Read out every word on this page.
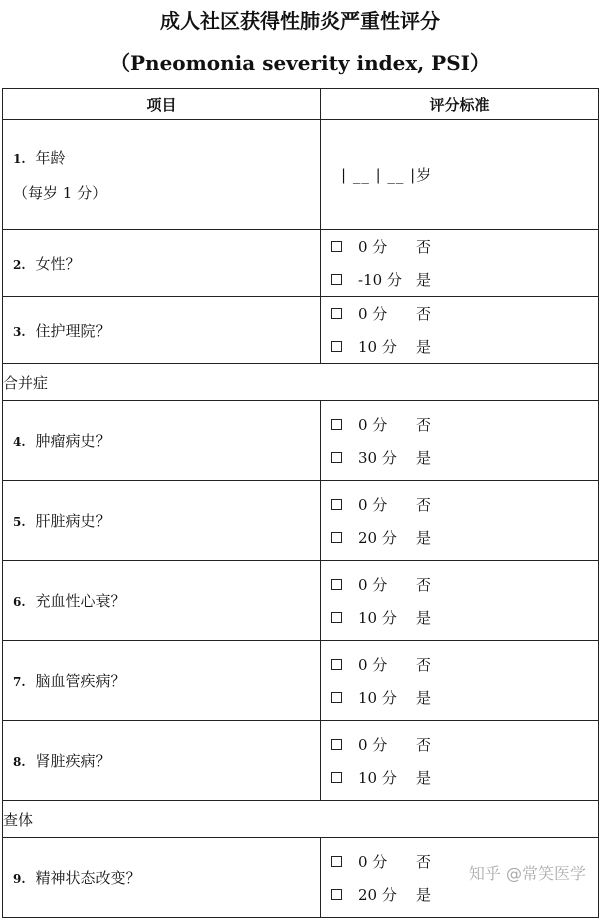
成人社区获得性肺炎严重性评分
（Pneomonia severity index, PSI）
项目	评分标准

1. 年龄
（每岁 1 分）	| __ | __ |岁

2. 女性？	0 分 否
-10 分 是

3. 住护理院？	0 分 否
10 分 是

合并症	
4. 肿瘤病史？	0 分 否
30 分 是

5. 肝脏病史？	0 分 否
20 分 是

6. 充血性心衰？	0 分 否
10 分 是

7. 脑血管疾病？	0 分 否
10 分 是

8. 肾脏疾病？	0 分 否
10 分 是

查体	
9. 精神状态改变？	0 分 否
20 分 是
知乎 @常笑医学
